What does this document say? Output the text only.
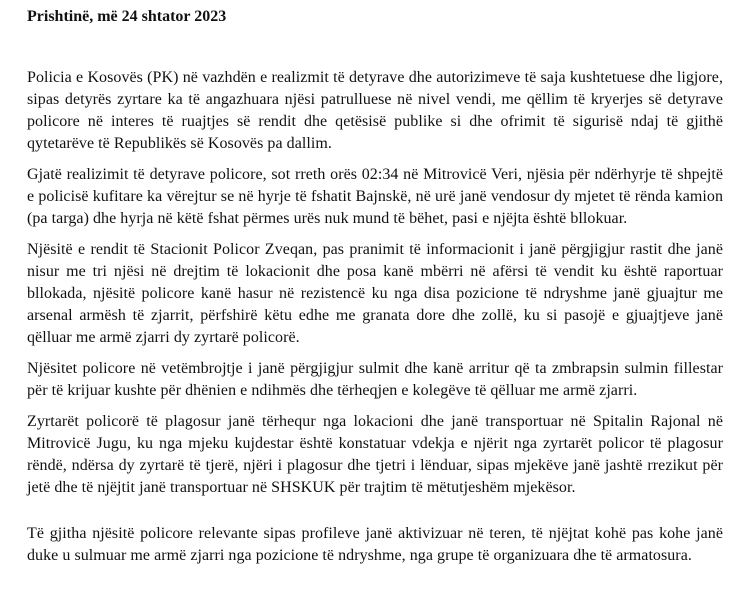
Prishtinë, më 24 shtator 2023

Policia e Kosovës (PK) në vazhdën e realizmit të detyrave dhe autorizimeve të saja kushtetuese dhe ligjore, sipas detyrës zyrtare ka të angazhuara njësi patrulluese në nivel vendi, me qëllim të kryerjes së detyrave policore në interes të ruajtjes së rendit dhe qetësisë publike si dhe ofrimit të sigurisë ndaj të gjithë qytetarëve të Republikës së Kosovës pa dallim.

Gjatë realizimit të detyrave policore, sot rreth orës 02:34 në Mitrovicë Veri, njësia për ndërhyrje të shpejtë e policisë kufitare ka vërejtur se në hyrje të fshatit Bajnskë, në urë janë vendosur dy mjetet të rënda kamion (pa targa) dhe hyrja në këtë fshat përmes urës nuk mund të bëhet, pasi e njëjta është bllokuar.

Njësitë e rendit të Stacionit Policor Zveqan, pas pranimit të informacionit i janë përgjigjur rastit dhe janë nisur me tri njësi në drejtim të lokacionit dhe posa kanë mbërri në afërsi të vendit ku është raportuar bllokada, njësitë policore kanë hasur në rezistencë ku nga disa pozicione të ndryshme janë gjuajtur me arsenal armësh të zjarrit, përfshirë këtu edhe me granata dore dhe zollë, ku si pasojë e gjuajtjeve janë qëlluar me armë zjarri dy zyrtarë policorë.

Njësitet policore në vetëmbrojtje i janë përgjigjur sulmit dhe kanë arritur që ta zmbrapsin sulmin fillestar për të krijuar kushte për dhënien e ndihmës dhe tërheqjen e kolegëve të qëlluar me armë zjarri.

Zyrtarët policorë të plagosur janë tërhequr nga lokacioni dhe janë transportuar në Spitalin Rajonal në Mitrovicë Jugu, ku nga mjeku kujdestar është konstatuar vdekja e njërit nga zyrtarët policor të plagosur rëndë, ndërsa dy zyrtarë të tjerë, njëri i plagosur dhe tjetri i lënduar, sipas mjekëve janë jashtë rrezikut për jetë dhe të njëjtit janë transportuar në SHSKUK për trajtim të mëtutjeshëm mjekësor.

Të gjitha njësitë policore relevante sipas profileve janë aktivizuar në teren, të njëjtat kohë pas kohe janë duke u sulmuar me armë zjarri nga pozicione të ndryshme, nga grupe të organizuara dhe të armatosura.
